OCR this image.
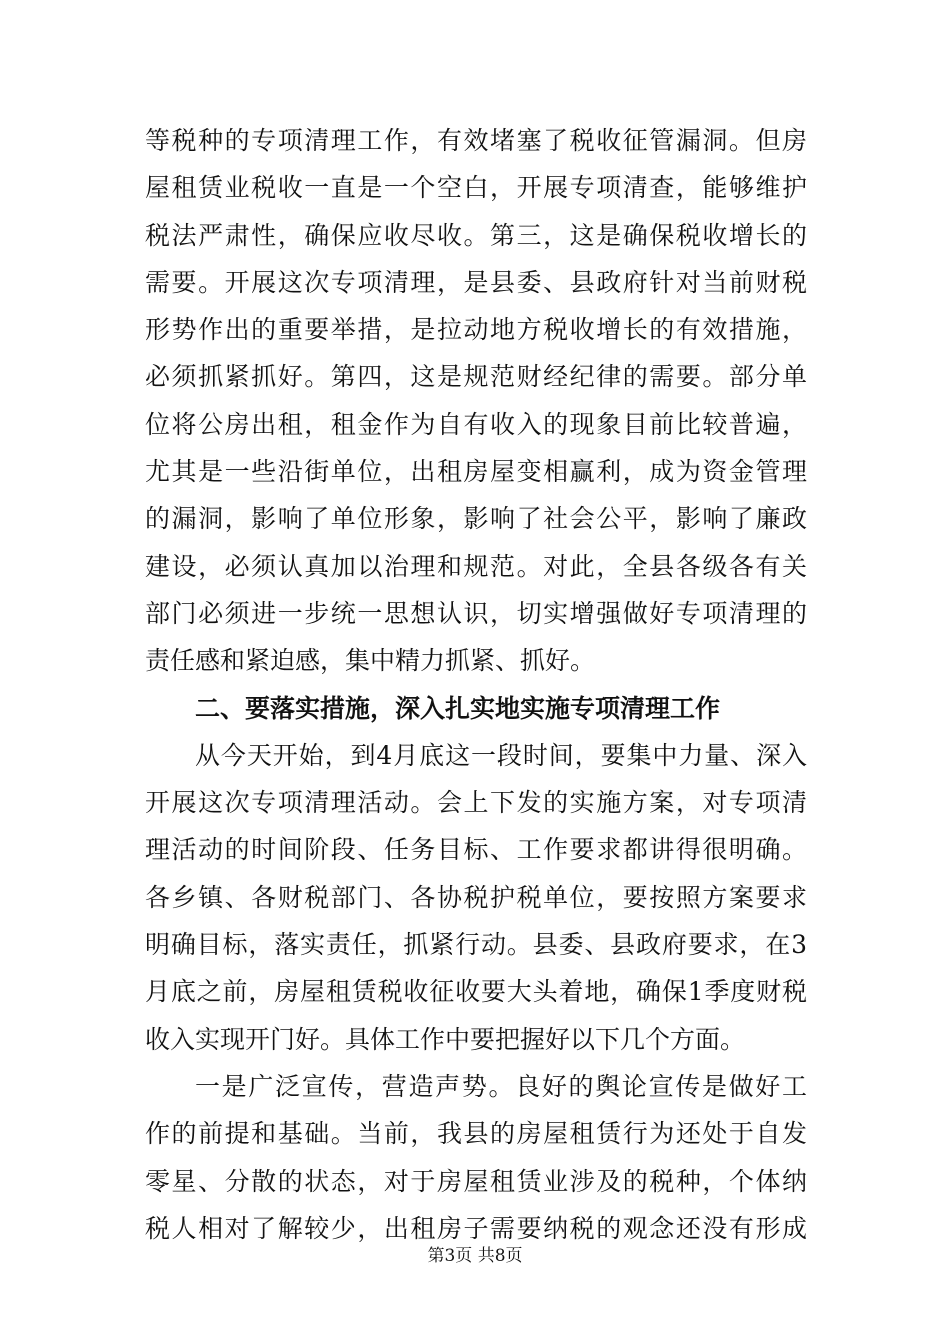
等税种的专项清理工作，有效堵塞了税收征管漏洞。但房
屋租赁业税收一直是一个空白，开展专项清查，能够维护
税法严肃性，确保应收尽收。第三，这是确保税收增长的
需要。开展这次专项清理，是县委、县政府针对当前财税
形势作出的重要举措，是拉动地方税收增长的有效措施，
必须抓紧抓好。第四，这是规范财经纪律的需要。部分单
位将公房出租，租金作为自有收入的现象目前比较普遍，
尤其是一些沿街单位，出租房屋变相赢利，成为资金管理
的漏洞，影响了单位形象，影响了社会公平，影响了廉政
建设，必须认真加以治理和规范。对此，全县各级各有关
部门必须进一步统一思想认识，切实增强做好专项清理的
责任感和紧迫感，集中精力抓紧、抓好。
二、要落实措施，深入扎实地实施专项清理工作
从今天开始，到4月底这一段时间，要集中力量、深入
开展这次专项清理活动。会上下发的实施方案，对专项清
理活动的时间阶段、任务目标、工作要求都讲得很明确。
各乡镇、各财税部门、各协税护税单位，要按照方案要求
明确目标，落实责任，抓紧行动。县委、县政府要求，在3
月底之前，房屋租赁税收征收要大头着地，确保1季度财税
收入实现开门好。具体工作中要把握好以下几个方面。
一是广泛宣传，营造声势。良好的舆论宣传是做好工
作的前提和基础。当前，我县的房屋租赁行为还处于自发
零星、分散的状态，对于房屋租赁业涉及的税种，个体纳
税人相对了解较少，出租房子需要纳税的观念还没有形成
第3页 共8页
